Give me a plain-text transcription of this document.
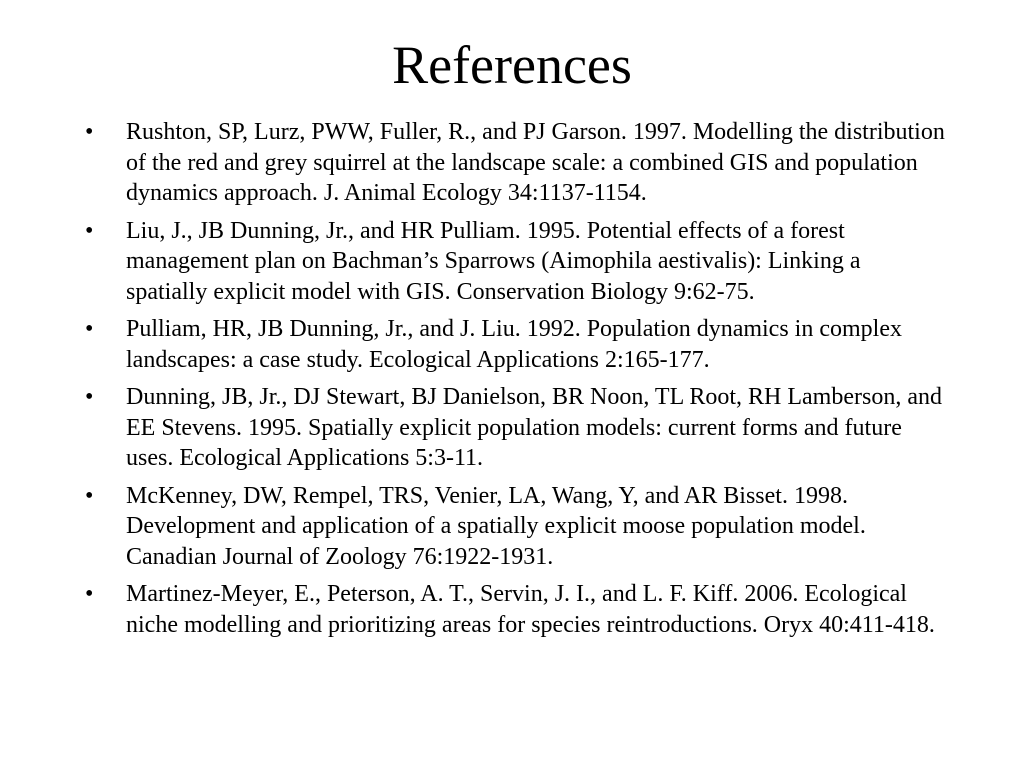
References
•	Rushton, SP, Lurz, PWW, Fuller, R., and PJ Garson. 1997. Modelling the distribution of the red and grey squirrel at the landscape scale: a combined GIS and population dynamics approach. J. Animal Ecology 34:1137-1154.
•	Liu, J., JB Dunning, Jr., and HR Pulliam. 1995. Potential effects of a forest management plan on Bachman’s Sparrows (Aimophila aestivalis): Linking a spatially explicit model with GIS. Conservation Biology 9:62-75.
•	Pulliam, HR, JB Dunning, Jr., and J. Liu. 1992. Population dynamics in complex landscapes: a case study. Ecological Applications 2:165-177.
•	Dunning, JB, Jr., DJ Stewart, BJ Danielson, BR Noon, TL Root, RH Lamberson, and EE Stevens. 1995. Spatially explicit population models: current forms and future uses. Ecological Applications 5:3-11.
•	McKenney, DW, Rempel, TRS, Venier, LA, Wang, Y, and AR Bisset. 1998. Development and application of a spatially explicit moose population model. Canadian Journal of Zoology 76:1922-1931.
•	Martinez-Meyer, E., Peterson, A. T., Servin, J. I., and L. F. Kiff. 2006. Ecological niche modelling and prioritizing areas for species reintroductions. Oryx 40:411-418.
